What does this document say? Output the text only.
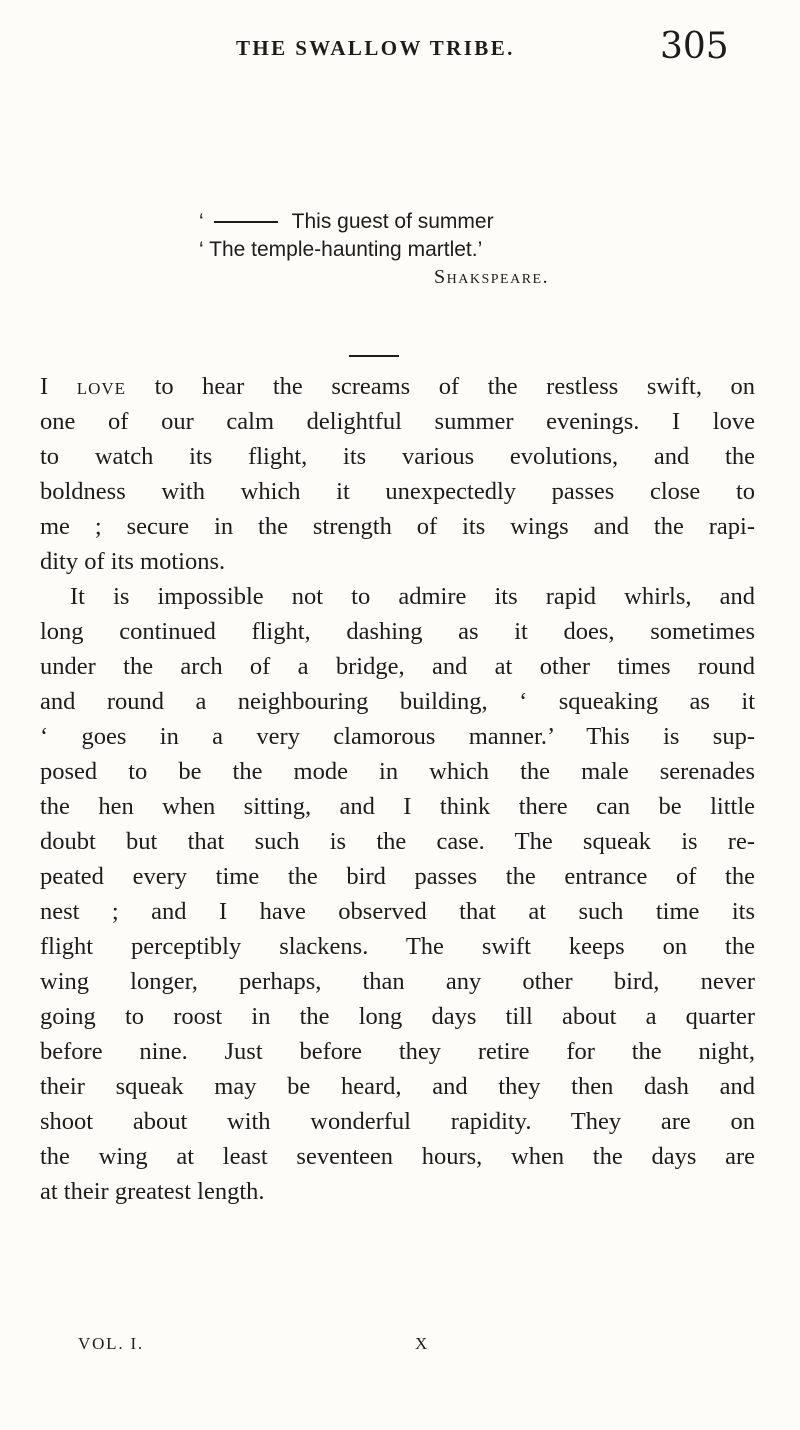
THE SWALLOW TRIBE.	305
‘	This guest of summer
‘ The temple-haunting martlet.’
Shakspeare.
I love to hear the screams of the restless swift, on
one of our calm delightful summer evenings. I love
to watch its flight, its various evolutions, and the
boldness with which it unexpectedly passes close to
me ; secure in the strength of its wings and the rapi-
dity of its motions.
It is impossible not to admire its rapid whirls, and
long continued flight, dashing as it does, sometimes
under the arch of a bridge, and at other times round
and round a neighbouring building, ‘ squeaking as it
‘ goes in a very clamorous manner.’ This is sup-
posed to be the mode in which the male serenades
the hen when sitting, and I think there can be little
doubt but that such is the case. The squeak is re-
peated every time the bird passes the entrance of the
nest ; and I have observed that at such time its
flight perceptibly slackens. The swift keeps on the
wing longer, perhaps, than any other bird, never
going to roost in the long days till about a quarter
before nine. Just before they retire for the night,
their squeak may be heard, and they then dash and
shoot about with wonderful rapidity. They are on
the wing at least seventeen hours, when the days are
at their greatest length.
VOL. I.	X
